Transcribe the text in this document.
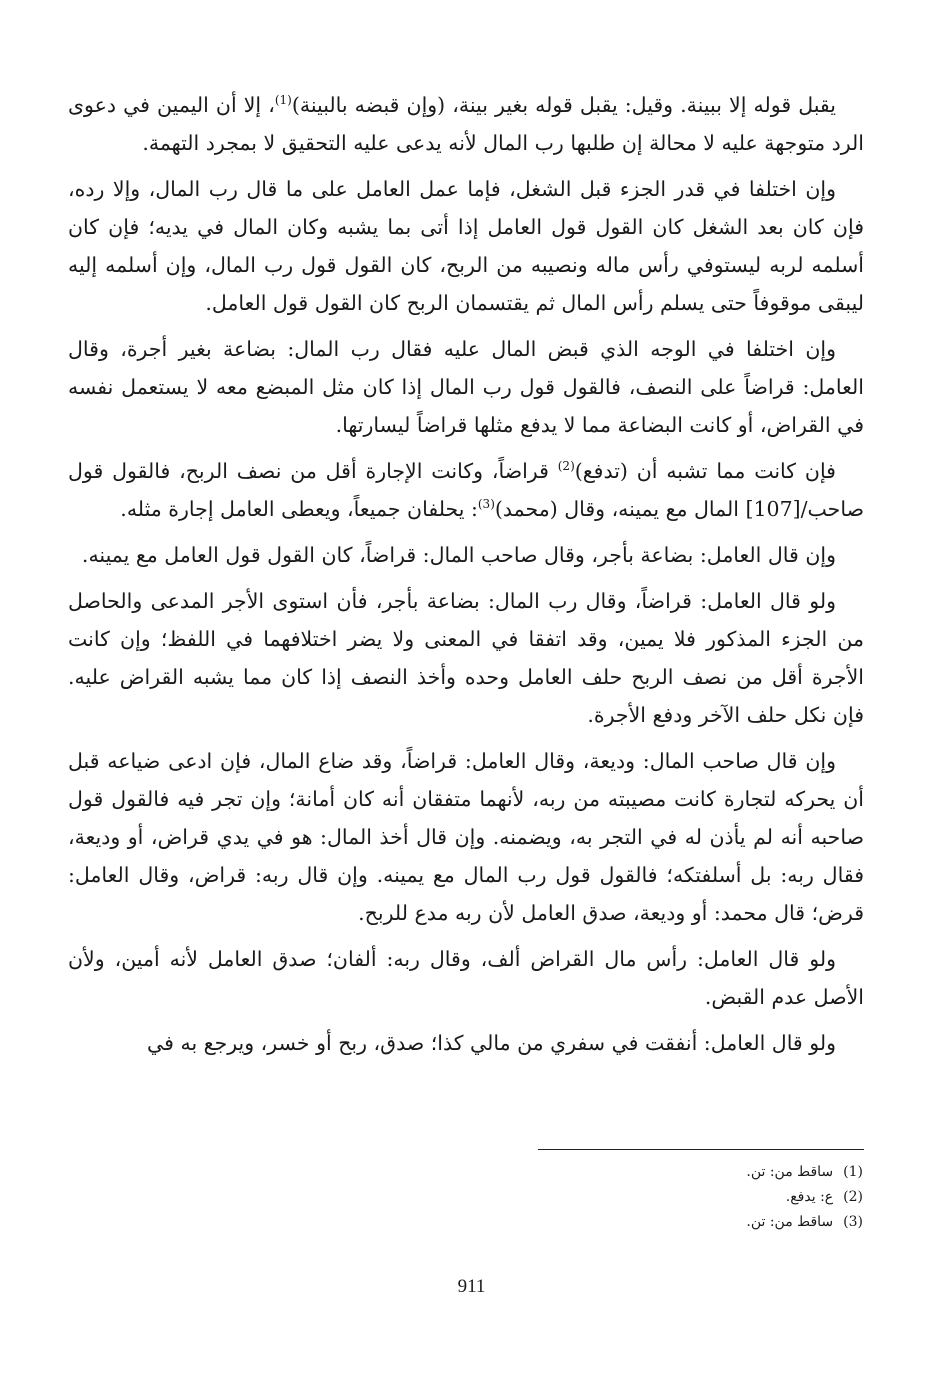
يقبل قوله إلا ببينة. وقيل: يقبل قوله بغير بينة، (وإن قبضه بالبينة)$^{(1)}$، إلا أن اليمين في دعوى الرد متوجهة عليه لا محالة إن طلبها رب المال لأنه يدعى عليه التحقيق لا بمجرد التهمة.

وإن اختلفا في قدر الجزء قبل الشغل، فإما عمل العامل على ما قال رب المال، وإلا رده، فإن كان بعد الشغل كان القول قول العامل إذا أتى بما يشبه وكان المال في يديه؛ فإن كان أسلمه لربه ليستوفي رأس ماله ونصيبه من الربح، كان القول قول رب المال، وإن أسلمه إليه ليبقى موقوفاً حتى يسلم رأس المال ثم يقتسمان الربح كان القول قول العامل.

وإن اختلفا في الوجه الذي قبض المال عليه فقال رب المال: بضاعة بغير أجرة، وقال العامل: قراضاً على النصف، فالقول قول رب المال إذا كان مثل المبضع معه لا يستعمل نفسه في القراض، أو كانت البضاعة مما لا يدفع مثلها قراضاً ليسارتها.

فإن كانت مما تشبه أن (تدفع)$^{(2)}$ قراضاً، وكانت الإجارة أقل من نصف الربح، فالقول قول صاحب/[107] المال مع يمينه، وقال (محمد)$^{(3)}$: يحلفان جميعاً، ويعطى العامل إجارة مثله.

وإن قال العامل: بضاعة بأجر، وقال صاحب المال: قراضاً، كان القول قول العامل مع يمينه.

ولو قال العامل: قراضاً، وقال رب المال: بضاعة بأجر، فأن استوى الأجر المدعى والحاصل من الجزء المذكور فلا يمين، وقد اتفقا في المعنى ولا يضر اختلافهما في اللفظ؛ وإن كانت الأجرة أقل من نصف الربح حلف العامل وحده وأخذ النصف إذا كان مما يشبه القراض عليه. فإن نكل حلف الآخر ودفع الأجرة.

وإن قال صاحب المال: وديعة، وقال العامل: قراضاً، وقد ضاع المال، فإن ادعى ضياعه قبل أن يحركه لتجارة كانت مصيبته من ربه، لأنهما متفقان أنه كان أمانة؛ وإن تجر فيه فالقول قول صاحبه أنه لم يأذن له في التجر به، ويضمنه. وإن قال أخذ المال: هو في يدي قراض، أو وديعة، فقال ربه: بل أسلفتكه؛ فالقول قول رب المال مع يمينه. وإن قال ربه: قراض، وقال العامل: قرض؛ قال محمد: أو وديعة، صدق العامل لأن ربه مدع للربح.

ولو قال العامل: رأس مال القراض ألف، وقال ربه: ألفان؛ صدق العامل لأنه أمين، ولأن الأصل عدم القبض.

ولو قال العامل: أنفقت في سفري من مالي كذا؛ صدق، ربح أو خسر، ويرجع به في

(1)
ساقط من: تن.
(2)
ع: يدفع.
(3)
ساقط من: تن.
911
